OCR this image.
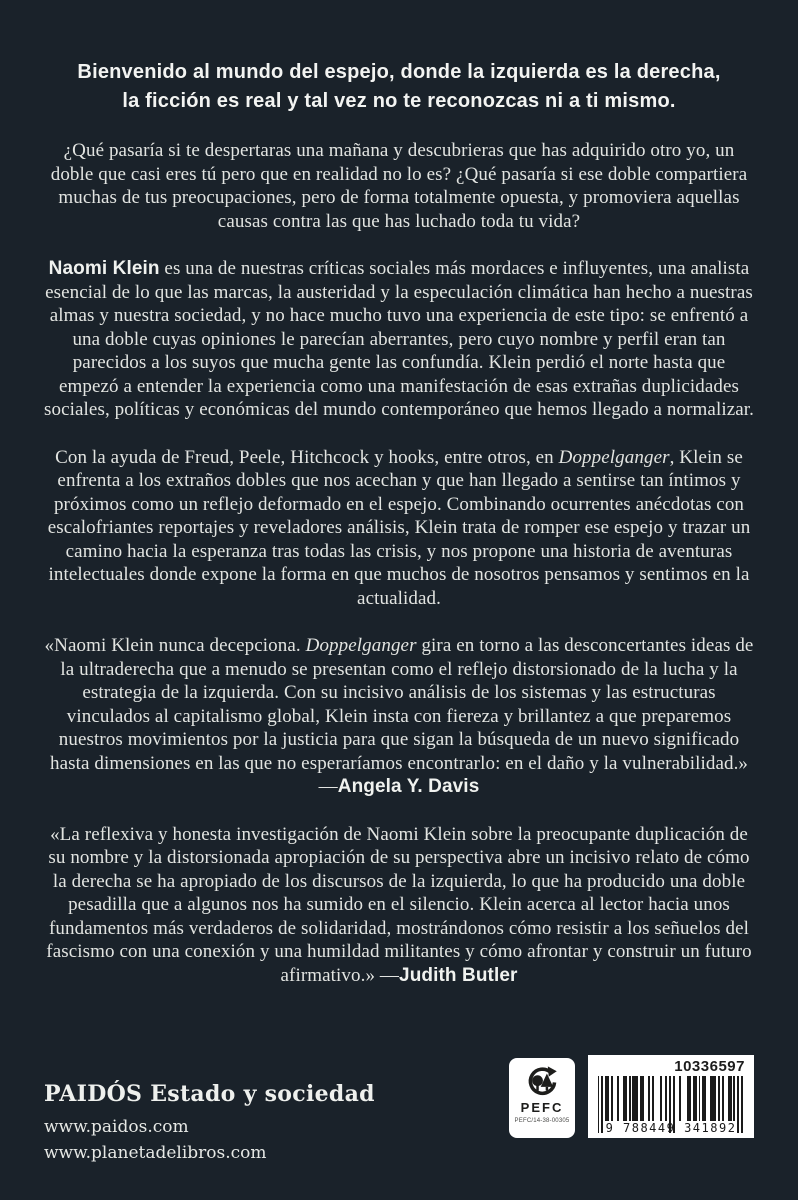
Bienvenido al mundo del espejo, donde la izquierda es la derecha,
la ficción es real y tal vez no te reconozcas ni a ti mismo.

¿Qué pasaría si te despertaras una mañana y descubrieras que has adquirido otro yo, un doble que casi eres tú pero que en realidad no lo es? ¿Qué pasaría si ese doble compartiera muchas de tus preocupaciones, pero de forma totalmente opuesta, y promoviera aquellas causas contra las que has luchado toda tu vida?

Naomi Klein es una de nuestras críticas sociales más mordaces e influyentes, una analista esencial de lo que las marcas, la austeridad y la especulación climática han hecho a nuestras almas y nuestra sociedad, y no hace mucho tuvo una experiencia de este tipo: se enfrentó a una doble cuyas opiniones le parecían aberrantes, pero cuyo nombre y perfil eran tan parecidos a los suyos que mucha gente las confundía. Klein perdió el norte hasta que empezó a entender la experiencia como una manifestación de esas extrañas duplicidades sociales, políticas y económicas del mundo contemporáneo que hemos llegado a normalizar.

Con la ayuda de Freud, Peele, Hitchcock y hooks, entre otros, en Doppelganger, Klein se enfrenta a los extraños dobles que nos acechan y que han llegado a sentirse tan íntimos y próximos como un reflejo deformado en el espejo. Combinando ocurrentes anécdotas con escalofriantes reportajes y reveladores análisis, Klein trata de romper ese espejo y trazar un camino hacia la esperanza tras todas las crisis, y nos propone una historia de aventuras intelectuales donde expone la forma en que muchos de nosotros pensamos y sentimos en la actualidad.

«Naomi Klein nunca decepciona. Doppelganger gira en torno a las desconcertantes ideas de la ultraderecha que a menudo se presentan como el reflejo distorsionado de la lucha y la estrategia de la izquierda. Con su incisivo análisis de los sistemas y las estructuras vinculados al capitalismo global, Klein insta con fiereza y brillantez a que preparemos nuestros movimientos por la justicia para que sigan la búsqueda de un nuevo significado hasta dimensiones en las que no esperaríamos encontrarlo: en el daño y la vulnerabilidad.» —Angela Y. Davis

«La reflexiva y honesta investigación de Naomi Klein sobre la preocupante duplicación de su nombre y la distorsionada apropiación de su perspectiva abre un incisivo relato de cómo la derecha se ha apropiado de los discursos de la izquierda, lo que ha producido una doble pesadilla que a algunos nos ha sumido en el silencio. Klein acerca al lector hacia unos fundamentos más verdaderos de solidaridad, mostrándonos cómo resistir a los señuelos del fascismo con una conexión y una humildad militantes y cómo afrontar y construir un futuro afirmativo.» —Judith Butler

PAIDÓS Estado y sociedad
www.paidos.com
www.planetadelibros.com
PEFC
PEFC/14-38-00305
10336597
9 788449 341892
